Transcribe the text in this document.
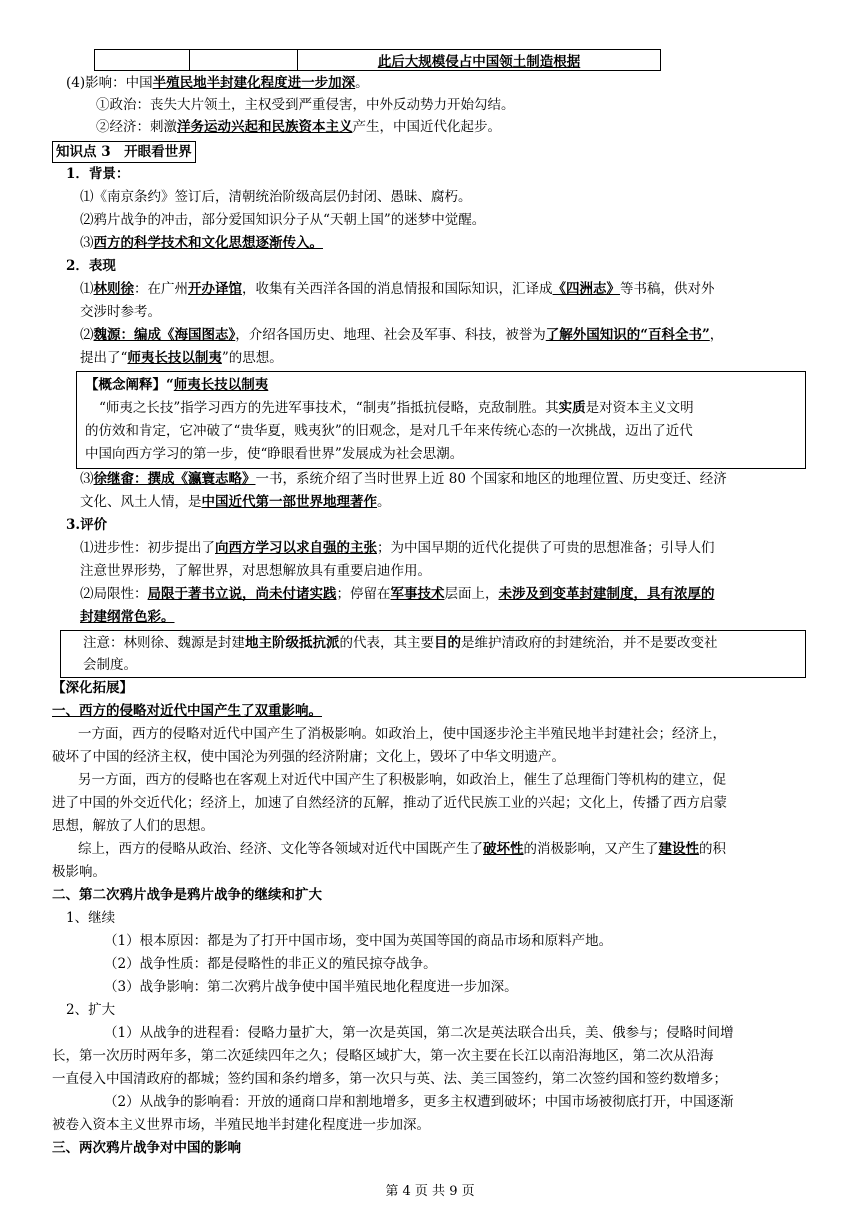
		此后大规模侵占中国领土制造根据
(4)影响：中国半殖民地半封建化程度进一步加深。
①政治：丧失大片领土，主权受到严重侵害，中外反动势力开始勾结。
②经济：刺激洋务运动兴起和民族资本主义产生，中国近代化起步。
知识点 3　开眼看世界
1．背景：
⑴《南京条约》签订后，清朝统治阶级高层仍封闭、愚昧、腐朽。
⑵鸦片战争的冲击，部分爱国知识分子从“天朝上国”的迷梦中觉醒。
⑶西方的科学技术和文化思想逐渐传入。
2．表现
⑴林则徐：在广州开办译馆，收集有关西洋各国的消息情报和国际知识，汇译成《四洲志》等书稿，供对外
交涉时参考。
⑵魏源：编成《海国图志》，介绍各国历史、地理、社会及军事、科技，被誉为了解外国知识的“百科全书”，
提出了“师夷长技以制夷”的思想。
【概念阐释】“师夷长技以制夷
“师夷之长技”指学习西方的先进军事技术，“制夷”指抵抗侵略，克敌制胜。其实质是对资本主义文明
的仿效和肯定，它冲破了“贵华夏，贱夷狄”的旧观念，是对几千年来传统心态的一次挑战，迈出了近代
中国向西方学习的第一步，使“睁眼看世界”发展成为社会思潮。
⑶徐继畬：撰成《瀛寰志略》一书，系统介绍了当时世界上近 80 个国家和地区的地理位置、历史变迁、经济
文化、风土人情，是中国近代第一部世界地理著作。
3.评价
⑴进步性：初步提出了向西方学习以求自强的主张；为中国早期的近代化提供了可贵的思想准备；引导人们
注意世界形势，了解世界，对思想解放具有重要启迪作用。
⑵局限性：局限于著书立说，尚未付诸实践；停留在军事技术层面上，未涉及到变革封建制度，具有浓厚的
封建纲常色彩。
注意：林则徐、魏源是封建地主阶级抵抗派的代表，其主要目的是维护清政府的封建统治，并不是要改变社
会制度。
【深化拓展】
一、西方的侵略对近代中国产生了双重影响。
一方面，西方的侵略对近代中国产生了消极影响。如政治上，使中国逐步沦主半殖民地半封建社会；经济上，
破坏了中国的经济主权，使中国沦为列强的经济附庸；文化上，毁坏了中华文明遗产。
另一方面，西方的侵略也在客观上对近代中国产生了积极影响，如政治上，催生了总理衙门等机构的建立，促
进了中国的外交近代化；经济上，加速了自然经济的瓦解，推动了近代民族工业的兴起；文化上，传播了西方启蒙
思想，解放了人们的思想。
综上，西方的侵略从政治、经济、文化等各领域对近代中国既产生了破坏性的消极影响，又产生了建设性的积
极影响。
二、第二次鸦片战争是鸦片战争的继续和扩大
1、继续
（1）根本原因：都是为了打开中国市场，变中国为英国等国的商品市场和原料产地。
（2）战争性质：都是侵略性的非正义的殖民掠夺战争。
（3）战争影响：第二次鸦片战争使中国半殖民地化程度进一步加深。
2、扩大
（1）从战争的进程看：侵略力量扩大，第一次是英国，第二次是英法联合出兵，美、俄参与；侵略时间增
长，第一次历时两年多，第二次延续四年之久；侵略区域扩大，第一次主要在长江以南沿海地区，第二次从沿海
一直侵入中国清政府的都城；签约国和条约增多，第一次只与英、法、美三国签约，第二次签约国和签约数增多；
（2）从战争的影响看：开放的通商口岸和割地增多，更多主权遭到破坏；中国市场被彻底打开，中国逐渐
被卷入资本主义世界市场，半殖民地半封建化程度进一步加深。
三、两次鸦片战争对中国的影响
第 4 页 共 9 页
